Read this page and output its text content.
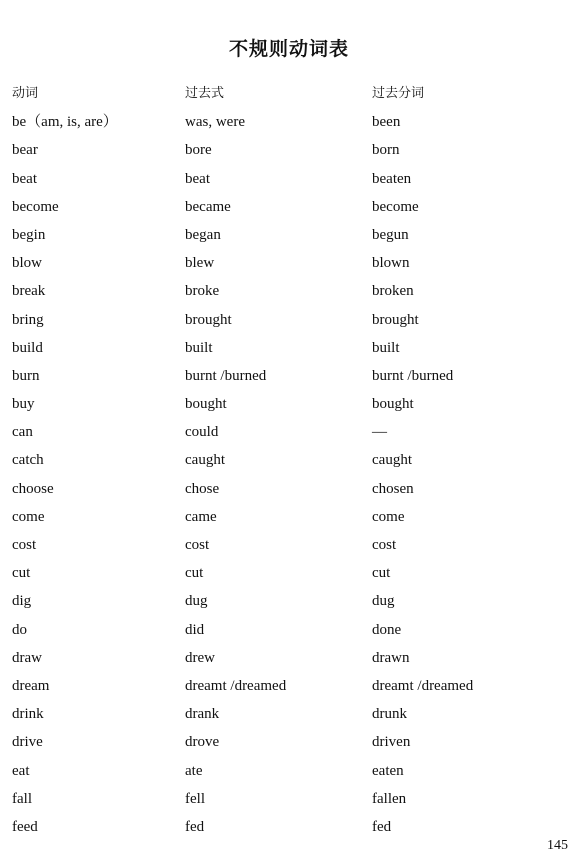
不规则动词表
动词	过去式	过去分词
be（am, is, are）	was, were	been
bear	bore	born
beat	beat	beaten
become	became	become
begin	began	begun
blow	blew	blown
break	broke	broken
bring	brought	brought
build	built	built
burn	burnt /burned	burnt /burned
buy	bought	bought
can	could	—
catch	caught	caught
choose	chose	chosen
come	came	come
cost	cost	cost
cut	cut	cut
dig	dug	dug
do	did	done
draw	drew	drawn
dream	dreamt /dreamed	dreamt /dreamed
drink	drank	drunk
drive	drove	driven
eat	ate	eaten
fall	fell	fallen
feed	fed	fed
145
